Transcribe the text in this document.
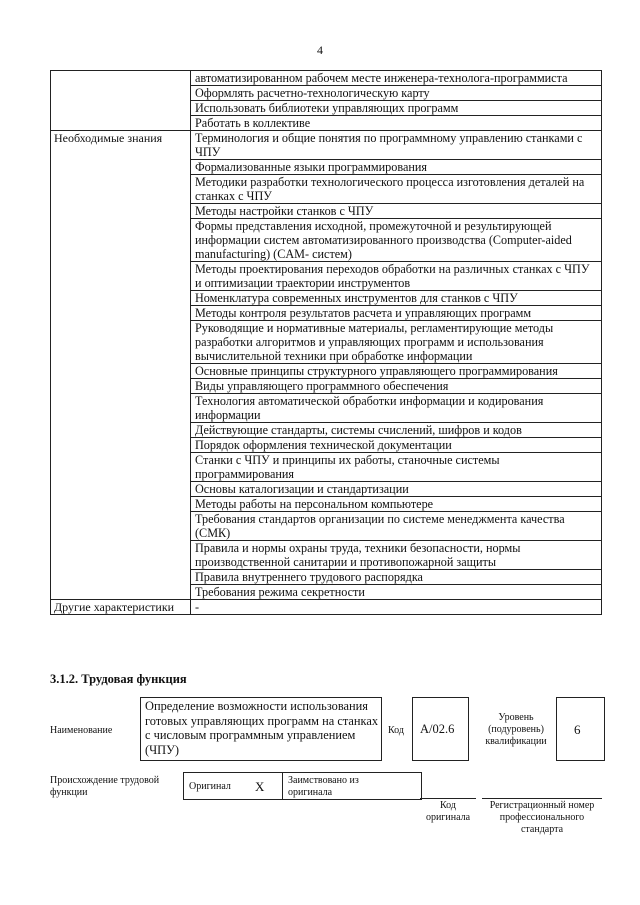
4
	автоматизированном рабочем месте инженера-технолога-программиста
	Оформлять расчетно-технологическую карту
	Использовать библиотеки управляющих программ
	Работать в коллективе
Необходимые знания	Терминология и общие понятия по программному управлению станками с ЧПУ
	Формализованные языки программирования
	Методики разработки технологического процесса изготовления деталей на станках с ЧПУ
	Методы настройки станков с ЧПУ
	Формы представления исходной, промежуточной и результирующей информации систем автоматизированного производства (Computer-aided manufacturing) (CAM- систем)
	Методы проектирования переходов обработки на различных станках с ЧПУ и оптимизации траектории инструментов
	Номенклатура современных инструментов для станков с ЧПУ
	Методы контроля результатов расчета и управляющих программ
	Руководящие и нормативные материалы, регламентирующие методы разработки алгоритмов и управляющих программ и использования вычислительной техники при обработке информации
	Основные принципы структурного управляющего программирования
	Виды управляющего программного обеспечения
	Технология автоматической обработки информации и кодирования информации
	Действующие стандарты, системы счислений, шифров и кодов
	Порядок оформления технической документации
	Станки с ЧПУ и принципы их работы, станочные системы программирования
	Основы каталогизации и стандартизации
	Методы работы на персональном компьютере
	Требования стандартов организации по системе менеджмента качества (СМК)
	Правила и нормы охраны труда, техники безопасности, нормы производственной санитарии и противопожарной защиты
	Правила внутреннего трудового распорядка
	Требования режима секретности
Другие характеристики	-
3.1.2. Трудовая функция
Наименование
Определение возможности использования готовых управляющих программ на станках с числовым программным управлением (ЧПУ)
Код A/02.6
Уровень (подуровень) квалификации
6
Происхождение трудовой функции
Оригинал X Заимствовано из оригинала
Код оригинала
Регистрационный номер профессионального стандарта
